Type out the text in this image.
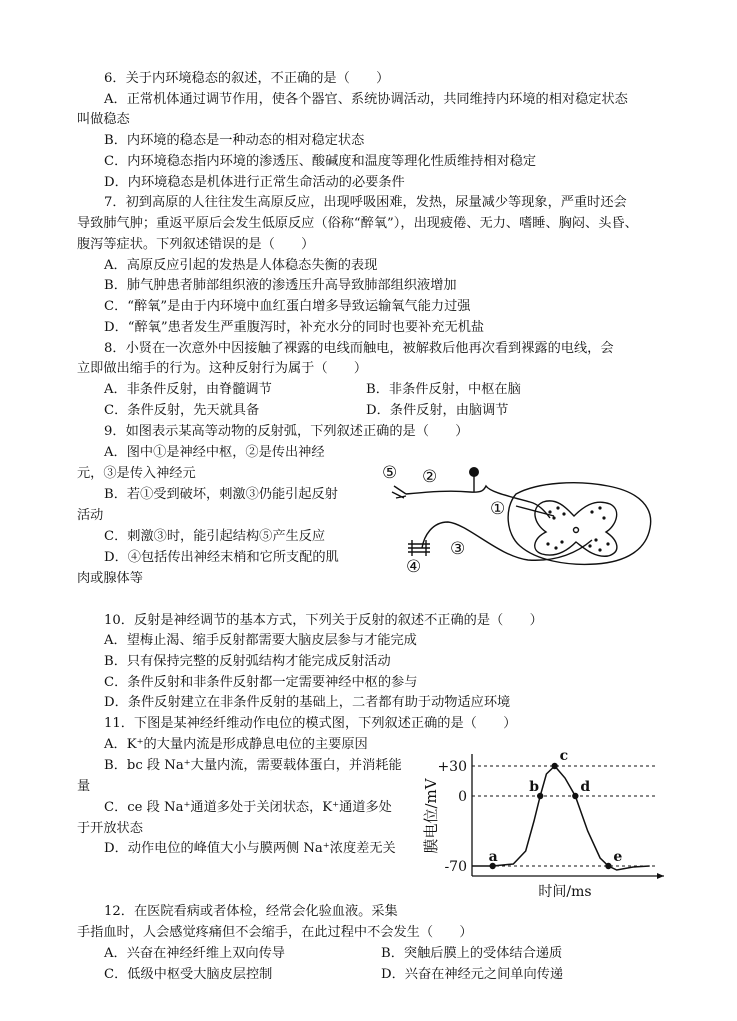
6．关于内环境稳态的叙述，不正确的是（　　）
A．正常机体通过调节作用，使各个器官、系统协调活动，共同维持内环境的相对稳定状态
叫做稳态
B．内环境的稳态是一种动态的相对稳定状态
C．内环境稳态指内环境的渗透压、酸碱度和温度等理化性质维持相对稳定
D．内环境稳态是机体进行正常生命活动的必要条件
7．初到高原的人往往发生高原反应，出现呼吸困难，发热，尿量减少等现象，严重时还会
导致肺气肿；重返平原后会发生低原反应（俗称“醉氧”），出现疲倦、无力、嗜睡、胸闷、头昏、
腹泻等症状。下列叙述错误的是（　　）
A．高原反应引起的发热是人体稳态失衡的表现
B．肺气肿患者肺部组织液的渗透压升高导致肺部组织液增加
C．“醉氧”是由于内环境中血红蛋白增多导致运输氧气能力过强
D．“醉氧”患者发生严重腹泻时，补充水分的同时也要补充无机盐
8．小贤在一次意外中因接触了裸露的电线而触电，被解救后他再次看到裸露的电线，会
立即做出缩手的行为。这种反射行为属于（　　）
A．非条件反射，由脊髓调节	B．非条件反射，中枢在脑
C．条件反射，先天就具备	D．条件反射，由脑调节
9．如图表示某高等动物的反射弧，下列叙述正确的是（　　）
A．图中①是神经中枢，②是传出神经
元，③是传入神经元
B．若①受到破坏，刺激③仍能引起反射
活动
C．刺激③时，能引起结构⑤产生反应
D．④包括传出神经末梢和它所支配的肌
肉或腺体等
⑤ ②
①
③
④
10．反射是神经调节的基本方式，下列关于反射的叙述不正确的是（　　）
A．望梅止渴、缩手反射都需要大脑皮层参与才能完成
B．只有保持完整的反射弧结构才能完成反射活动
C．条件反射和非条件反射都一定需要神经中枢的参与
D．条件反射建立在非条件反射的基础上，二者都有助于动物适应环境
11．下图是某神经纤维动作电位的模式图，下列叙述正确的是（　　）
A．K⁺的大量内流是形成静息电位的主要原因
B．bc 段 Na⁺大量内流，需要载体蛋白，并消耗能
量
C．ce 段 Na⁺通道多处于关闭状态，K⁺通道多处
于开放状态
D．动作电位的峰值大小与膜两侧 Na⁺浓度差无关
+30
0
-70
a
b
c
d
e
膜电位/mV
时间/ms
12．在医院看病或者体检，经常会化验血液。采集
手指血时，人会感觉疼痛但不会缩手，在此过程中不会发生（　　）
A．兴奋在神经纤维上双向传导	B．突触后膜上的受体结合递质
C．低级中枢受大脑皮层控制	D．兴奋在神经元之间单向传递
